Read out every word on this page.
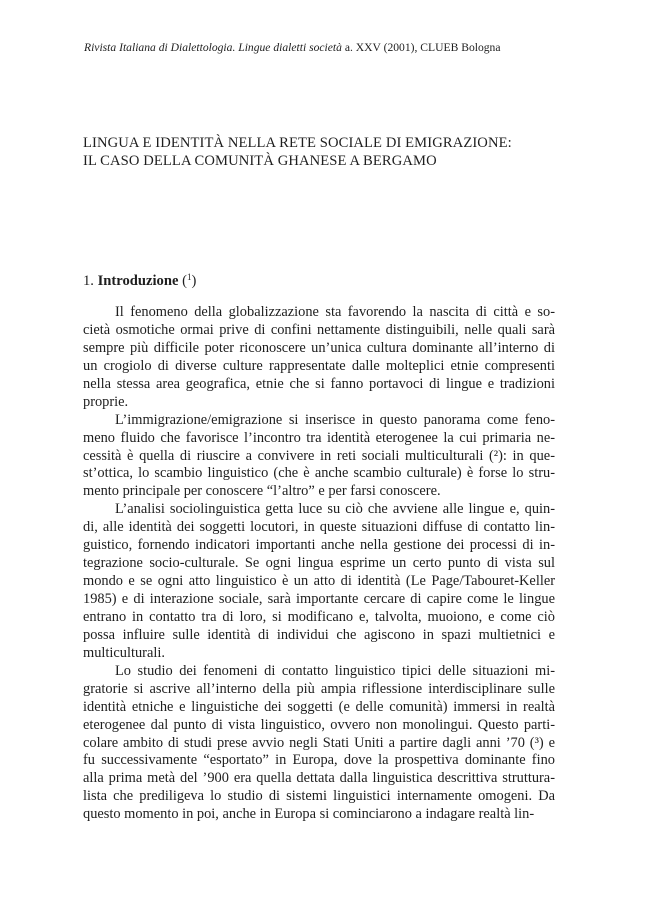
Rivista Italiana di Dialettologia. Lingue dialetti società a. XXV (2001), CLUEB Bologna
LINGUA E IDENTITÀ NELLA RETE SOCIALE DI EMIGRAZIONE:
IL CASO DELLA COMUNITÀ GHANESE A BERGAMO
1. Introduzione ($^1$)
Il fenomeno della globalizzazione sta favorendo la nascita di città e so-
cietà osmotiche ormai prive di confini nettamente distinguibili, nelle quali sarà
sempre più difficile poter riconoscere un’unica cultura dominante all’interno di
un crogiolo di diverse culture rappresentate dalle molteplici etnie compresenti
nella stessa area geografica, etnie che si fanno portavoci di lingue e tradizioni
proprie.
L’immigrazione/emigrazione si inserisce in questo panorama come feno-
meno fluido che favorisce l’incontro tra identità eterogenee la cui primaria ne-
cessità è quella di riuscire a convivere in reti sociali multiculturali (²): in que-
st’ottica, lo scambio linguistico (che è anche scambio culturale) è forse lo stru-
mento principale per conoscere “l’altro” e per farsi conoscere.
L’analisi sociolinguistica getta luce su ciò che avviene alle lingue e, quin-
di, alle identità dei soggetti locutori, in queste situazioni diffuse di contatto lin-
guistico, fornendo indicatori importanti anche nella gestione dei processi di in-
tegrazione socio-culturale. Se ogni lingua esprime un certo punto di vista sul
mondo e se ogni atto linguistico è un atto di identità (Le Page/Tabouret-Keller
1985) e di interazione sociale, sarà importante cercare di capire come le lingue
entrano in contatto tra di loro, si modificano e, talvolta, muoiono, e come ciò
possa influire sulle identità di individui che agiscono in spazi multietnici e
multiculturali.
Lo studio dei fenomeni di contatto linguistico tipici delle situazioni mi-
gratorie si ascrive all’interno della più ampia riflessione interdisciplinare sulle
identità etniche e linguistiche dei soggetti (e delle comunità) immersi in realtà
eterogenee dal punto di vista linguistico, ovvero non monolingui. Questo parti-
colare ambito di studi prese avvio negli Stati Uniti a partire dagli anni ’70 (³) e
fu successivamente “esportato” in Europa, dove la prospettiva dominante fino
alla prima metà del ’900 era quella dettata dalla linguistica descrittiva struttura-
lista che prediligeva lo studio di sistemi linguistici internamente omogeni. Da
questo momento in poi, anche in Europa si cominciarono a indagare realtà lin-
